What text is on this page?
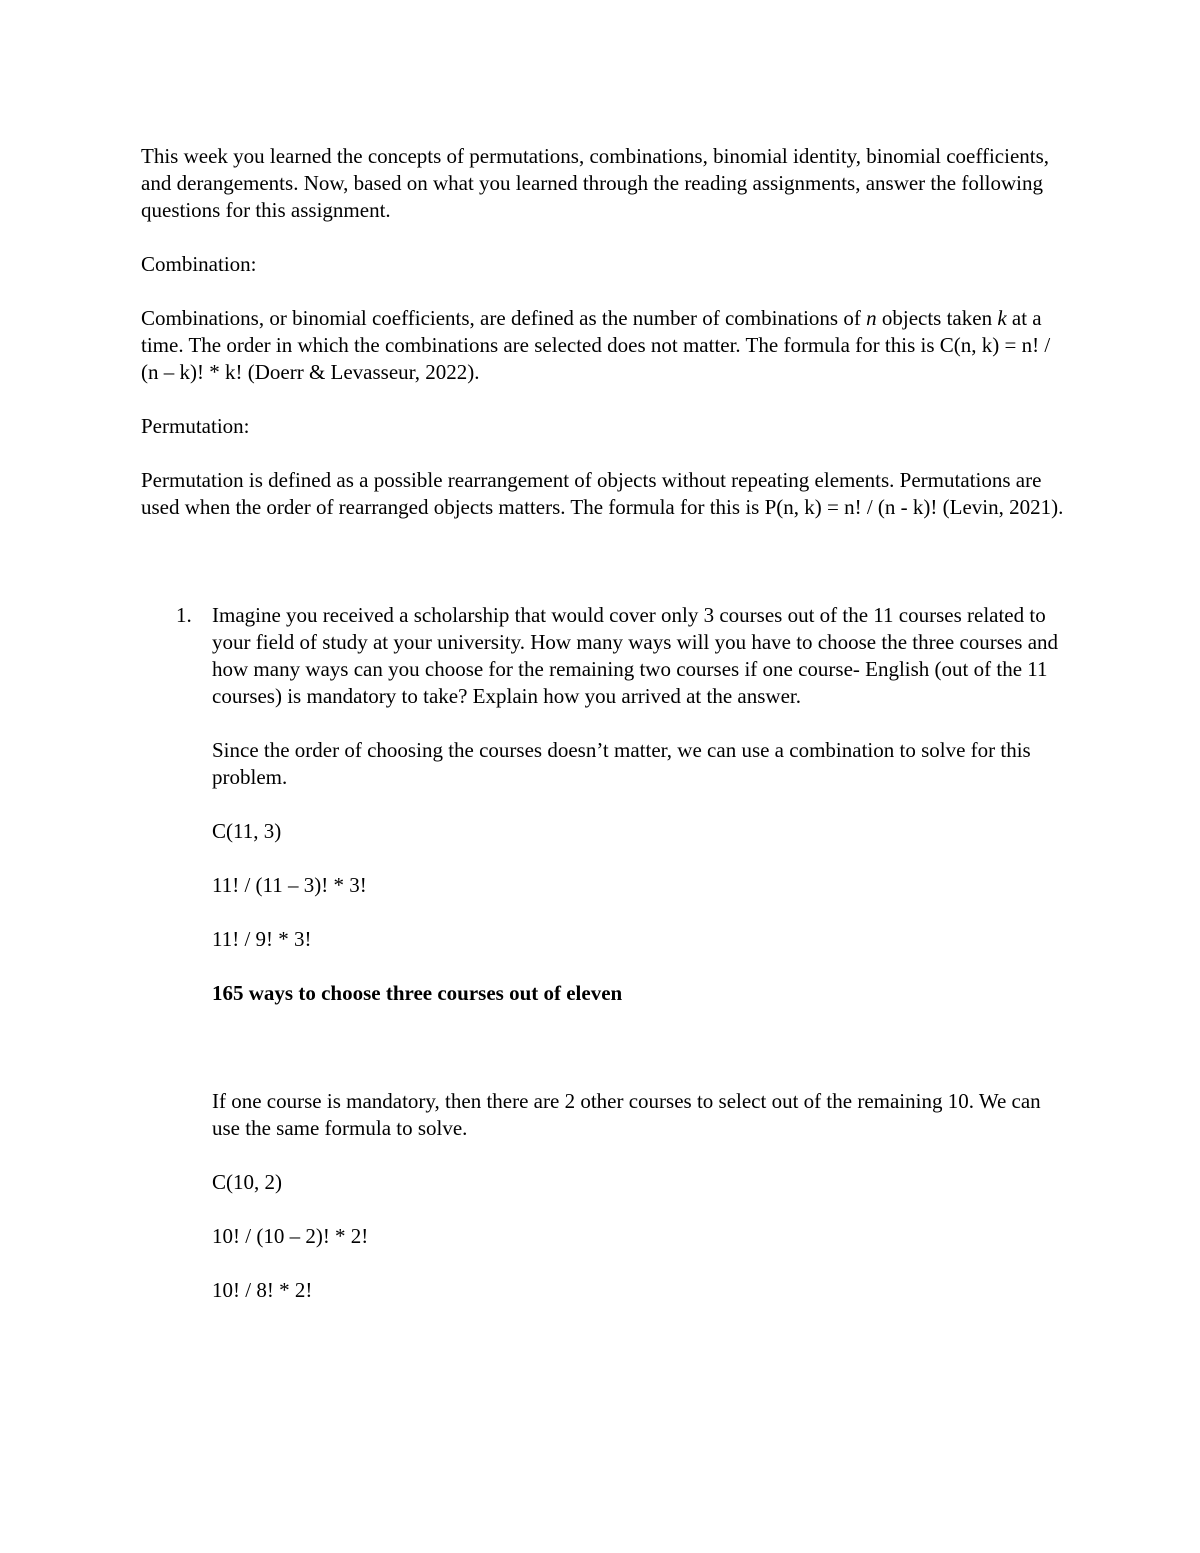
This week you learned the concepts of permutations, combinations, binomial identity, binomial coefficients, and derangements. Now, based on what you learned through the reading assignments, answer the following questions for this assignment.

Combination:

Combinations, or binomial coefficients, are defined as the number of combinations of n objects taken k at a time. The order in which the combinations are selected does not matter. The formula for this is C(n, k) = n! / (n – k)! * k! (Doerr & Levasseur, 2022).

Permutation:

Permutation is defined as a possible rearrangement of objects without repeating elements. Permutations are used when the order of rearranged objects matters. The formula for this is P(n, k) = n! / (n - k)! (Levin, 2021).

1. Imagine you received a scholarship that would cover only 3 courses out of the 11 courses related to your field of study at your university. How many ways will you have to choose the three courses and how many ways can you choose for the remaining two courses if one course- English (out of the 11 courses) is mandatory to take? Explain how you arrived at the answer.

Since the order of choosing the courses doesn’t matter, we can use a combination to solve for this problem.

C(11, 3)

11! / (11 – 3)! * 3!

11! / 9! * 3!

165 ways to choose three courses out of eleven

If one course is mandatory, then there are 2 other courses to select out of the remaining 10. We can use the same formula to solve.

C(10, 2)

10! / (10 – 2)! * 2!

10! / 8! * 2!
